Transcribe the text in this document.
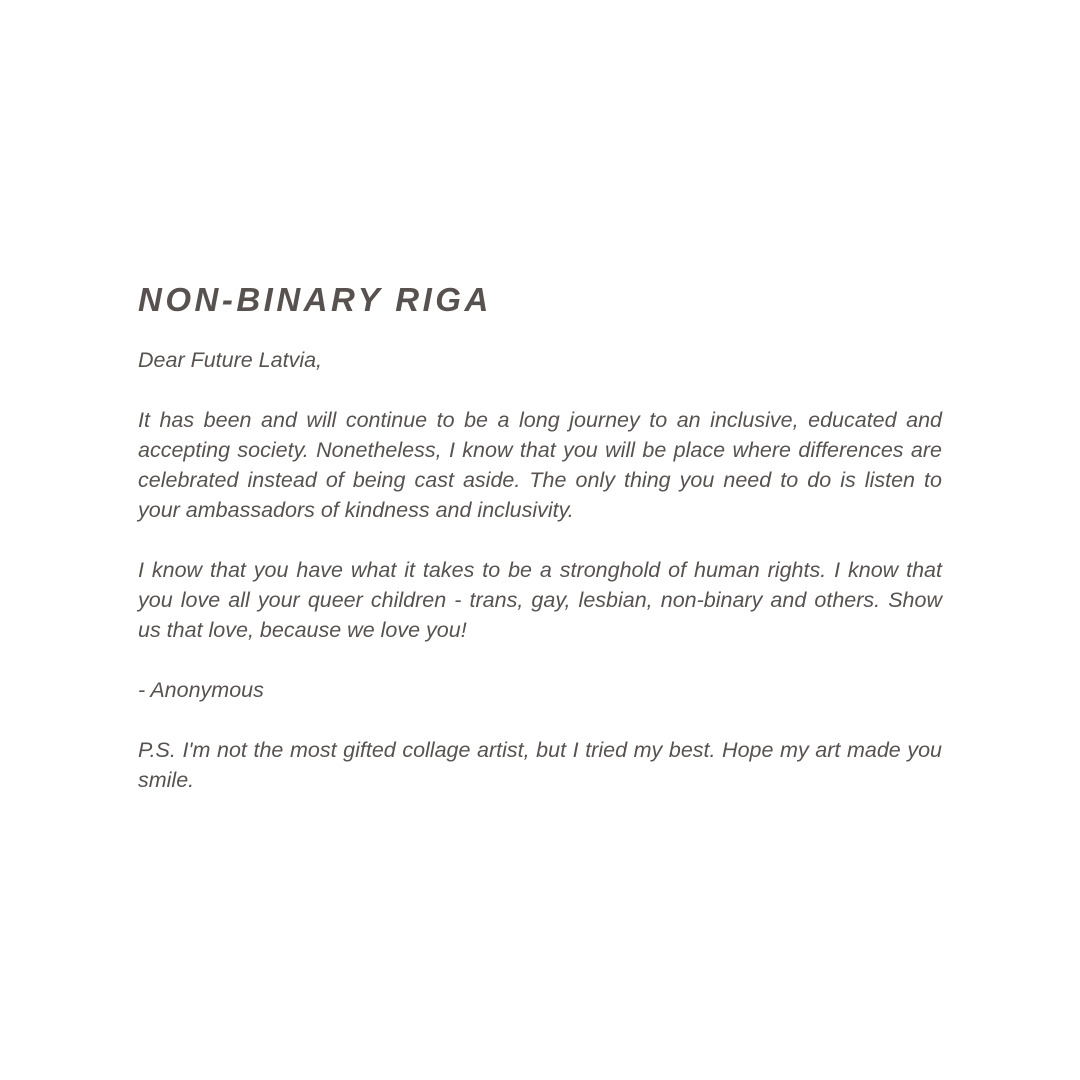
NON-BINARY RIGA

Dear Future Latvia,

It has been and will continue to be a long journey to an inclusive, educated and accepting society. Nonetheless, I know that you will be place where differences are celebrated instead of being cast aside. The only thing you need to do is listen to your ambassadors of kindness and inclusivity.

I know that you have what it takes to be a stronghold of human rights. I know that you love all your queer children - trans, gay, lesbian, non-binary and others. Show us that love, because we love you!

- Anonymous

P.S. I'm not the most gifted collage artist, but I tried my best. Hope my art made you smile.
